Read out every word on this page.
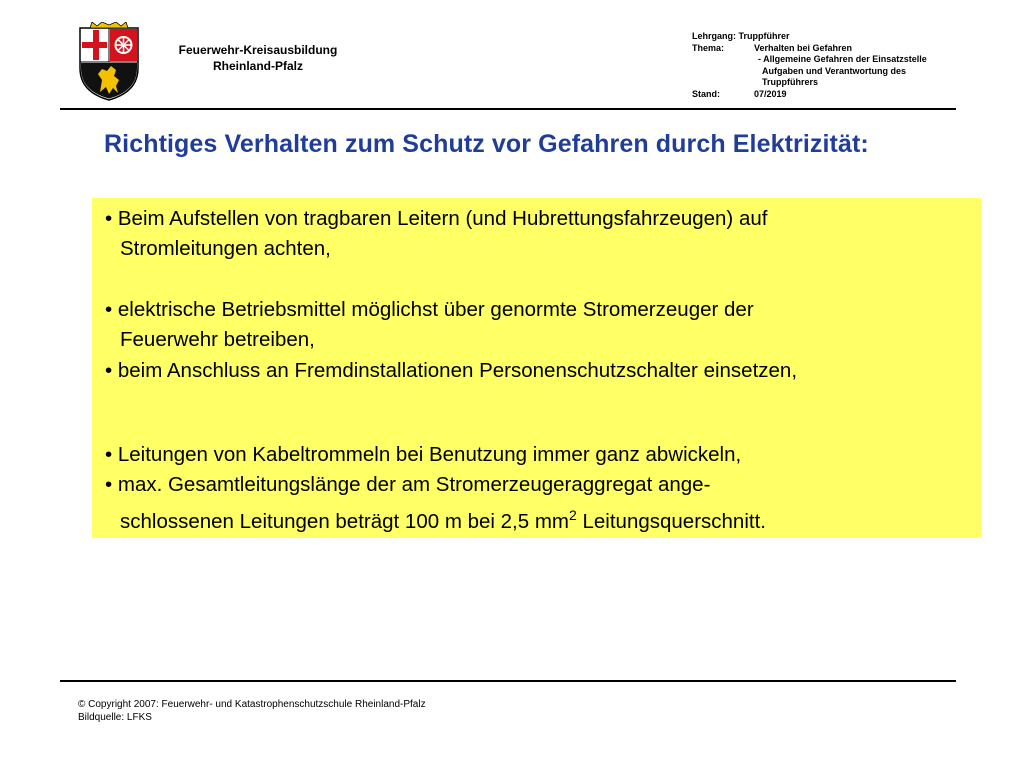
Feuerwehr-Kreisausbildung
Rheinland-Pfalz
Lehrgang:
Truppführer
Thema:	Verhalten bei Gefahren
- Allgemeine Gefahren der Einsatzstelle
Aufgaben und Verantwortung des
Truppführers
Stand:	07/2019
Richtiges Verhalten zum Schutz vor Gefahren durch Elektrizität:
• Beim Aufstellen von tragbaren Leitern (und Hubrettungsfahrzeugen) auf
Stromleitungen achten,
• elektrische Betriebsmittel möglichst über genormte Stromerzeuger der
Feuerwehr betreiben,
• beim Anschluss an Fremdinstallationen Personenschutzschalter einsetzen,
• Leitungen von Kabeltrommeln bei Benutzung immer ganz abwickeln,
• max. Gesamtleitungslänge der am Stromerzeugeraggregat ange-
schlossenen Leitungen beträgt 100 m bei 2,5 $mm^2$ Leitungsquerschnitt.
© Copyright 2007: Feuerwehr- und Katastrophenschutzschule Rheinland-Pfalz
Bildquelle: LFKS
